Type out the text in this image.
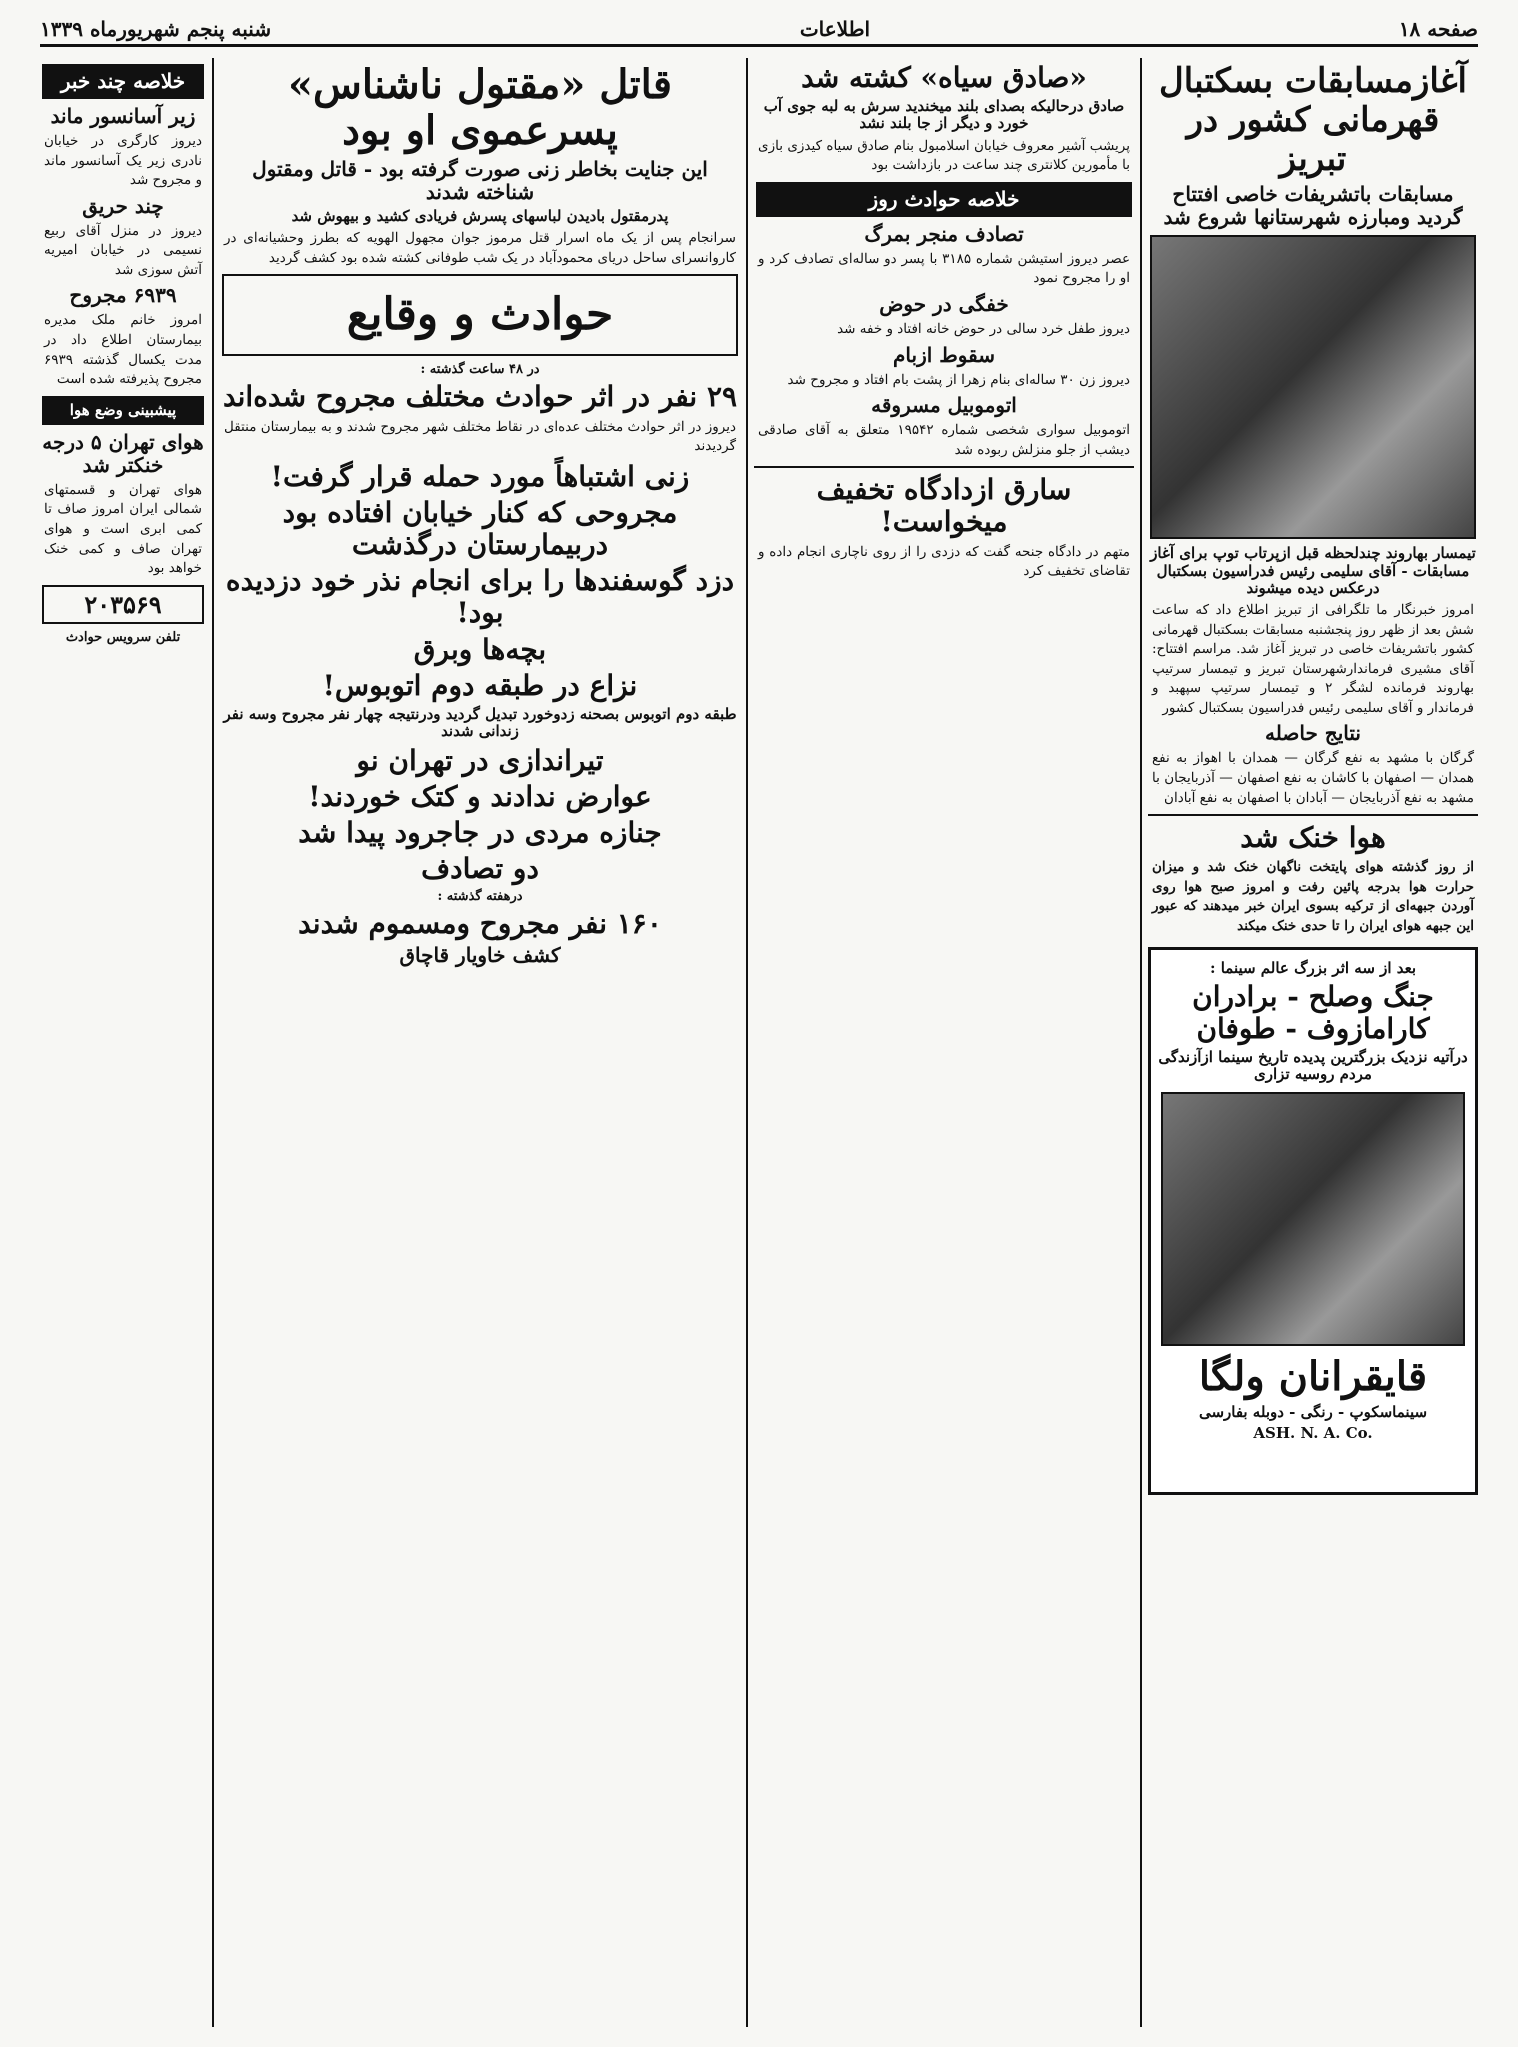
صفحه ۱۸
اطلاعات
شنبه پنجم شهریورماه ۱۳۳۹
آغازمسابقات بسکتبال قهرمانی کشور در تبریز
مسابقات باتشریفات خاصی افتتاح گردید ومبارزه شهرستانها شروع شد
تیمسار بهاروند چندلحظه قبل ازپرتاب توپ برای آغاز مسابقات - آقای سلیمی رئیس فدراسیون بسکتبال درعکس دیده میشوند
امروز خبرنگار ما تلگرافی از تبریز اطلاع داد که ساعت شش بعد از ظهر روز پنجشنبه مسابقات بسکتبال قهرمانی کشور باتشریفات خاصی در تبریز آغاز شد. مراسم افتتاح: آقای مشیری فرماندارشهرستان تبریز و تیمسار سرتیپ بهاروند فرمانده لشگر ۲ و تیمسار سرتیپ سپهبد و فرماندار و آقای سلیمی رئیس فدراسیون بسکتبال کشور
نتایج حاصله
گرگان با مشهد به نفع گرگان — همدان با اهواز به نفع همدان — اصفهان با کاشان به نفع اصفهان — آذربایجان با مشهد به نفع آذربایجان — آبادان با اصفهان به نفع آبادان
هوا خنک شد
از روز گذشته هوای پایتخت ناگهان خنک شد و میزان حرارت هوا بدرجه پائین رفت و امروز صبح هوا روی آوردن جبهه‌ای از ترکیه بسوی ایران خبر میدهند که عبور این جبهه هوای ایران را تا حدی خنک میکند
بعد از سه اثر بزرگ عالم سینما :
جنگ وصلح - برادران کارامازوف - طوفان
درآتیه نزدیک بزرگترین پدیده تاریخ سینما ازآزندگی مردم روسیه تزاری
قایقرانان ولگا
سینماسکوپ - رنگی - دوبله بفارسی
ASH. N. A. Co.
«صادق سیاه» کشته شد
صادق درحالیکه بصدای بلند میخندید سرش به لبه جوی آب خورد و دیگر از جا بلند نشد
پریشب آشیر معروف خیابان اسلامبول بنام صادق سیاه کیدزی بازی با مأمورین کلانتری چند ساعت در بازداشت بود
خلاصه حوادث روز
تصادف منجر بمرگ
عصر دیروز استیشن شماره ۳۱۸۵ با پسر دو ساله‌ای تصادف کرد و او را مجروح نمود
خفگی در حوض
دیروز طفل خرد سالی در حوض خانه افتاد و خفه شد
سقوط ازبام
دیروز زن ۳۰ ساله‌ای بنام زهرا از پشت بام افتاد و مجروح شد
اتوموبیل مسروقه
اتوموبیل سواری شخصی شماره ۱۹۵۴۲ متعلق به آقای صادقی دیشب از جلو منزلش ربوده شد
سارق ازدادگاه تخفیف میخواست!
متهم در دادگاه جنحه گفت که دزدی را از روی ناچاری انجام داده و تقاضای تخفیف کرد
قاتل «مقتول ناشناس» پسرعموی او بود
این جنایت بخاطر زنی صورت گرفته بود - قاتل ومقتول شناخته شدند
پدرمقتول بادیدن لباسهای پسرش فریادی کشید و بیهوش شد
سرانجام پس از یک ماه اسرار قتل مرموز جوان مجهول الهویه که بطرز وحشیانه‌ای در کاروانسرای ساحل دریای محمودآباد در یک شب طوفانی کشته شده بود کشف گردید
حوادث و وقایع
در ۴۸ ساعت گذشته :
۲۹ نفر در اثر حوادث مختلف مجروح شده‌اند
دیروز در اثر حوادث مختلف عده‌ای در نقاط مختلف شهر مجروح شدند و به بیمارستان منتقل گردیدند
زنی اشتباهاً مورد حمله قرار گرفت!
مجروحی که کنار خیابان افتاده بود دربیمارستان درگذشت
دزد گوسفندها را برای انجام نذر خود دزدیده بود!
بچه‌ها وبرق
نزاع در طبقه دوم اتوبوس!
طبقه دوم اتوبوس بصحنه زدوخورد تبدیل گردید ودرنتیجه چهار نفر مجروح وسه نفر زندانی شدند
تیراندازی در تهران نو
عوارض ندادند و کتک خوردند!
جنازه مردی در جاجرود پیدا شد
دو تصادف
درهفته گذشته :
۱۶۰ نفر مجروح ومسموم شدند
کشف خاویار قاچاق
خلاصه چند خبر
زیر آسانسور ماند
دیروز کارگری در خیابان نادری زیر یک آسانسور ماند و مجروح شد
چند حریق
دیروز در منزل آقای ربیع نسیمی در خیابان امیریه آتش سوزی شد
۶۹۳۹ مجروح
امروز خانم ملک مدیره بیمارستان اطلاع داد در مدت یکسال گذشته ۶۹۳۹ مجروح پذیرفته شده است
پیشبینی وضع هوا
هوای تهران ۵ درجه خنکتر شد
هوای تهران و قسمتهای شمالی ایران امروز صاف تا کمی ابری است و هوای تهران صاف و کمی خنک خواهد بود
۲۰۳۵۶۹
تلفن سرویس حوادث
